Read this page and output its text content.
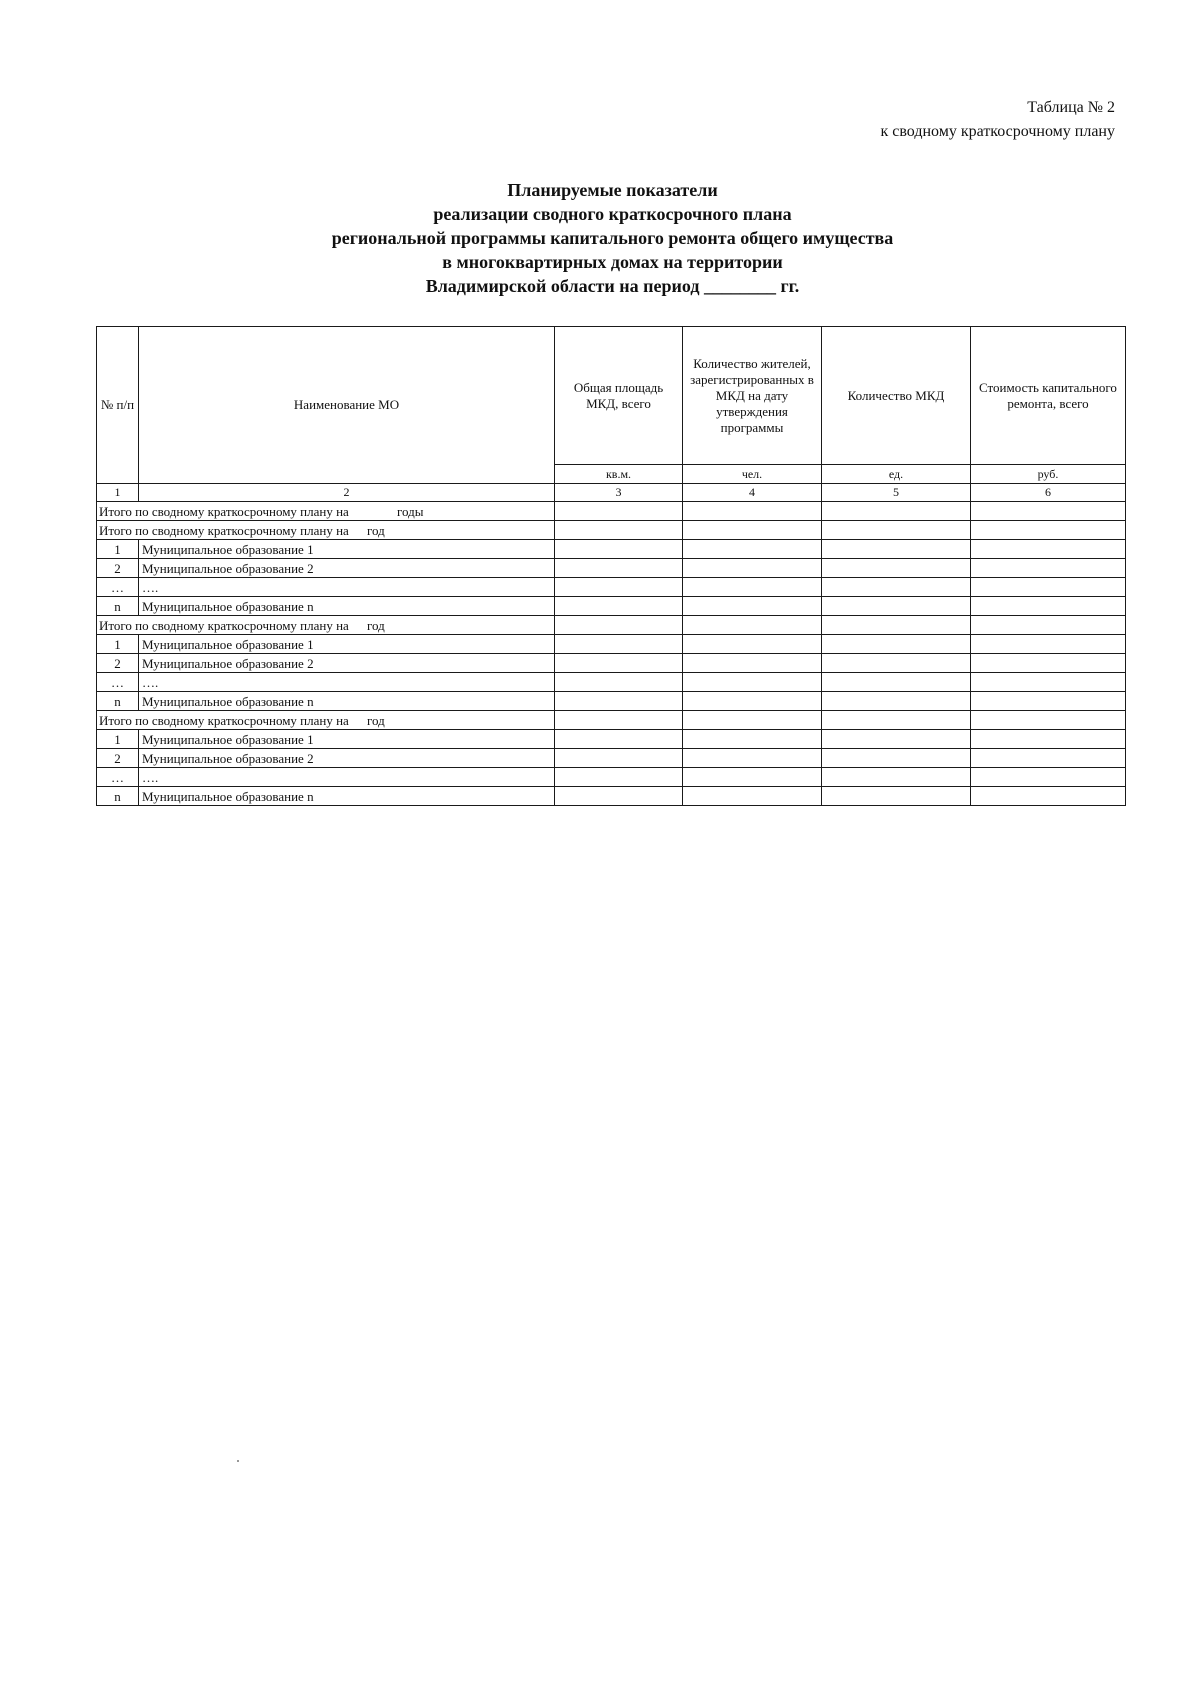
Таблица № 2
к сводному краткосрочному плану
Планируемые показатели
реализации сводного краткосрочного плана
региональной программы капитального ремонта общего имущества
в многоквартирных домах на территории
Владимирской области на период ________ гг.
№ п/п	Наименование МО	Общая площадь МКД, всего	Количество жителей, зарегистрированных в МКД на дату утверждения программы	Количество МКД	Стоимость капитального ремонта, всего
		кв.м.	чел.	ед.	руб.
1	2	3	4	5	6
Итого по сводному краткосрочному плану на годы					
Итого по сводному краткосрочному плану на год					
1	Муниципальное образование 1				
2	Муниципальное образование 2				
…	….				
n	Муниципальное образование n				
Итого по сводному краткосрочному плану на год					
1	Муниципальное образование 1				
2	Муниципальное образование 2				
…	….				
n	Муниципальное образование n				
Итого по сводному краткосрочному плану на год					
1	Муниципальное образование 1				
2	Муниципальное образование 2				
…	….				
n	Муниципальное образование n				
